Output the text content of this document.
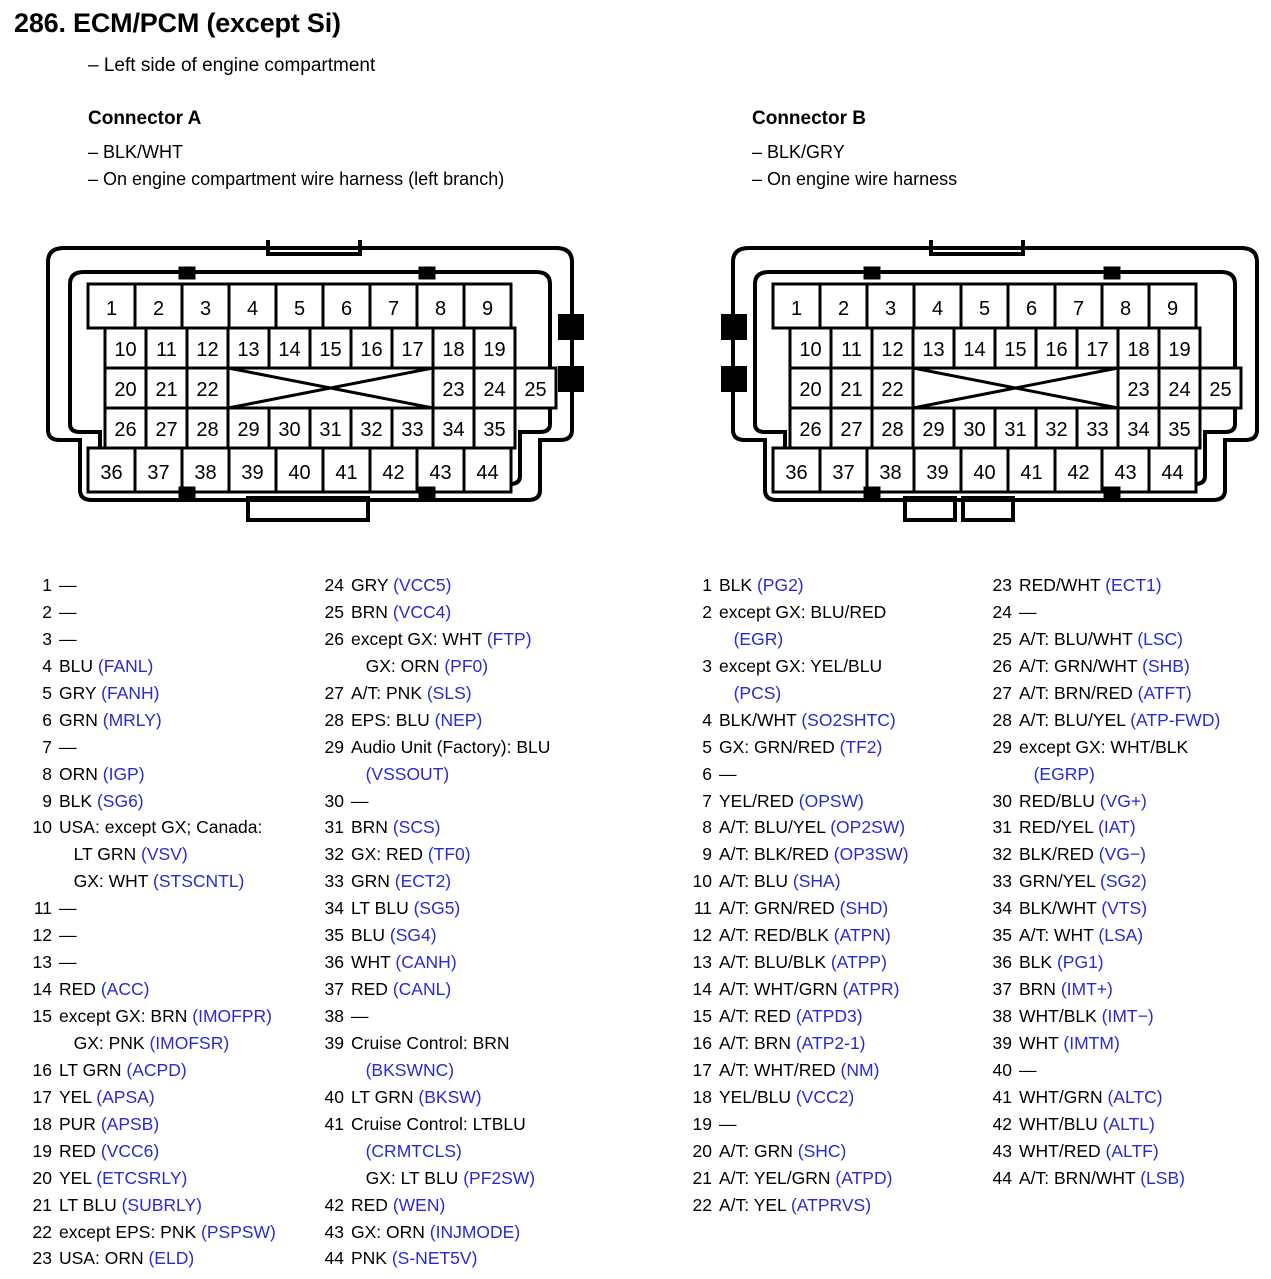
286. ECM/PCM (except Si)
– Left side of engine compartment
Connector A
– BLK/WHT
– On engine compartment wire harness (left branch)
Connector B
– BLK/GRY
– On engine wire harness
1 2 3 4 5 6 7 8 9
10 11 12 13 14 15 16 17 18 19
20 21 22	23 24 25
26 27 28 29 30 31 32 33 34 35
36 37 38 39 40 41 42 43 44
1 2 3 4 5 6 7 8 9
10 11 12 13 14 15 16 17 18 19
20 21 22	23 24 25
26 27 28 29 30 31 32 33 34 35
36 37 38 39 40 41 42 43 44
1 —
2 —
3 —
4 BLU (FANL)
5 GRY (FANH)
6 GRN (MRLY)
7 —
8 ORN (IGP)
9 BLK (SG6)
10 USA: except GX; Canada:
LT GRN (VSV)
GX: WHT (STSCNTL)
11 —
12 —
13 —
14 RED (ACC)
15 except GX: BRN (IMOFPR)
GX: PNK (IMOFSR)
16 LT GRN (ACPD)
17 YEL (APSA)
18 PUR (APSB)
19 RED (VCC6)
20 YEL (ETCSRLY)
21 LT BLU (SUBRLY)
22 except EPS: PNK (PSPSW)
23 USA: ORN (ELD)
24 GRY (VCC5)
25 BRN (VCC4)
26 except GX: WHT (FTP)
GX: ORN (PF0)
27 A/T: PNK (SLS)
28 EPS: BLU (NEP)
29 Audio Unit (Factory): BLU
(VSSOUT)
30 —
31 BRN (SCS)
32 GX: RED (TF0)
33 GRN (ECT2)
34 LT BLU (SG5)
35 BLU (SG4)
36 WHT (CANH)
37 RED (CANL)
38 —
39 Cruise Control: BRN
(BKSWNC)
40 LT GRN (BKSW)
41 Cruise Control: LTBLU
(CRMTCLS)
GX: LT BLU (PF2SW)
42 RED (WEN)
43 GX: ORN (INJMODE)
44 PNK (S-NET5V)
1 BLK (PG2)
2 except GX: BLU/RED
(EGR)
3 except GX: YEL/BLU
(PCS)
4 BLK/WHT (SO2SHTC)
5 GX: GRN/RED (TF2)
6 —
7 YEL/RED (OPSW)
8 A/T: BLU/YEL (OP2SW)
9 A/T: BLK/RED (OP3SW)
10 A/T: BLU (SHA)
11 A/T: GRN/RED (SHD)
12 A/T: RED/BLK (ATPN)
13 A/T: BLU/BLK (ATPP)
14 A/T: WHT/GRN (ATPR)
15 A/T: RED (ATPD3)
16 A/T: BRN (ATP2-1)
17 A/T: WHT/RED (NM)
18 YEL/BLU (VCC2)
19 —
20 A/T: GRN (SHC)
21 A/T: YEL/GRN (ATPD)
22 A/T: YEL (ATPRVS)
23 RED/WHT (ECT1)
24 —
25 A/T: BLU/WHT (LSC)
26 A/T: GRN/WHT (SHB)
27 A/T: BRN/RED (ATFT)
28 A/T: BLU/YEL (ATP-FWD)
29 except GX: WHT/BLK
(EGRP)
30 RED/BLU (VG+)
31 RED/YEL (IAT)
32 BLK/RED (VG−)
33 GRN/YEL (SG2)
34 BLK/WHT (VTS)
35 A/T: WHT (LSA)
36 BLK (PG1)
37 BRN (IMT+)
38 WHT/BLK (IMT−)
39 WHT (IMTM)
40 —
41 WHT/GRN (ALTC)
42 WHT/BLU (ALTL)
43 WHT/RED (ALTF)
44 A/T: BRN/WHT (LSB)
